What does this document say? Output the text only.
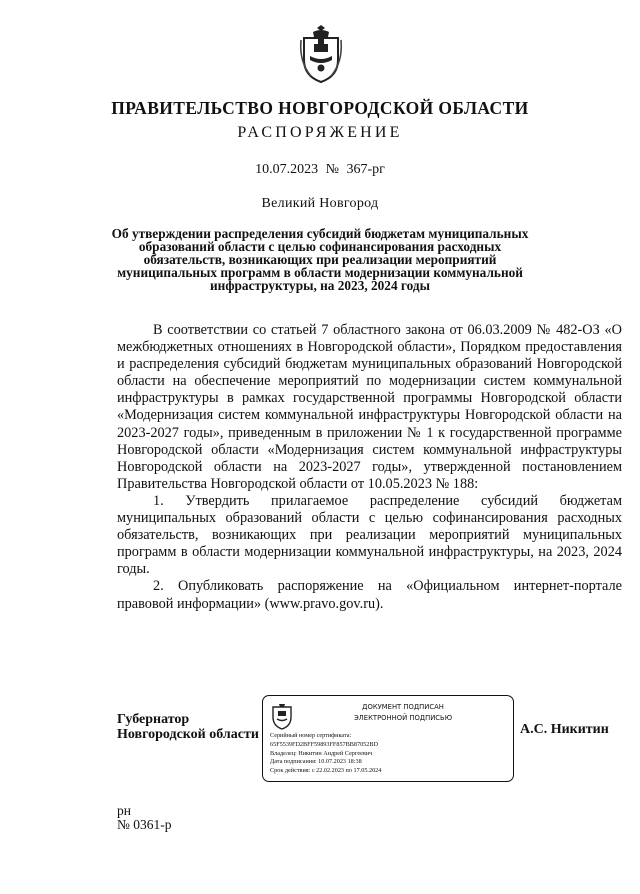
ПРАВИТЕЛЬСТВО НОВГОРОДСКОЙ ОБЛАСТИ
РАСПОРЯЖЕНИЕ
10.07.2023 № 367-рг
Великий Новгород
Об утверждении распределения субсидий бюджетам муниципальных образований области с целью софинансирования расходных обязательств, возникающих при реализации мероприятий муниципальных программ в области модернизации коммунальной инфраструктуры, на 2023, 2024 годы

В соответствии со статьей 7 областного закона от 06.03.2009 № 482-ОЗ «О межбюджетных отношениях в Новгородской области», Порядком предоставления и распределения субсидий бюджетам муниципальных образований Новгородской области на обеспечение мероприятий по модернизации систем коммунальной инфраструктуры в рамках государственной программы Новгородской области «Модернизация систем коммунальной инфраструктуры Новгородской области на 2023-2027 годы», приведенным в приложении № 1 к государственной программе Новгородской области «Модернизация систем коммунальной инфраструктуры Новгородской области на 2023-2027 годы», утвержденной постановлением Правительства Новгородской области от 10.05.2023 № 188:

1. Утвердить прилагаемое распределение субсидий бюджетам муниципальных образований области с целью софинансирования расходных обязательств, возникающих при реализации мероприятий муниципальных программ в области модернизации коммунальной инфраструктуры, на 2023, 2024 годы.

2. Опубликовать распоряжение на «Официальном интернет-портале правовой информации» (www.pravo.gov.ru).

Губернатор
Новгородской области
ДОКУМЕНТ ПОДПИСАН
ЭЛЕКТРОННОЙ ПОДПИСЬЮ
Серийный номер сертификата:
65F5539FD2BFF59893FF857BB87052BD
Владелец: Никитин Андрей Сергеевич
Дата подписания: 10.07.2023 18:38
Срок действия: с 22.02.2023 по 17.05.2024
А.С. Никитин
рн
№ 0361-р
